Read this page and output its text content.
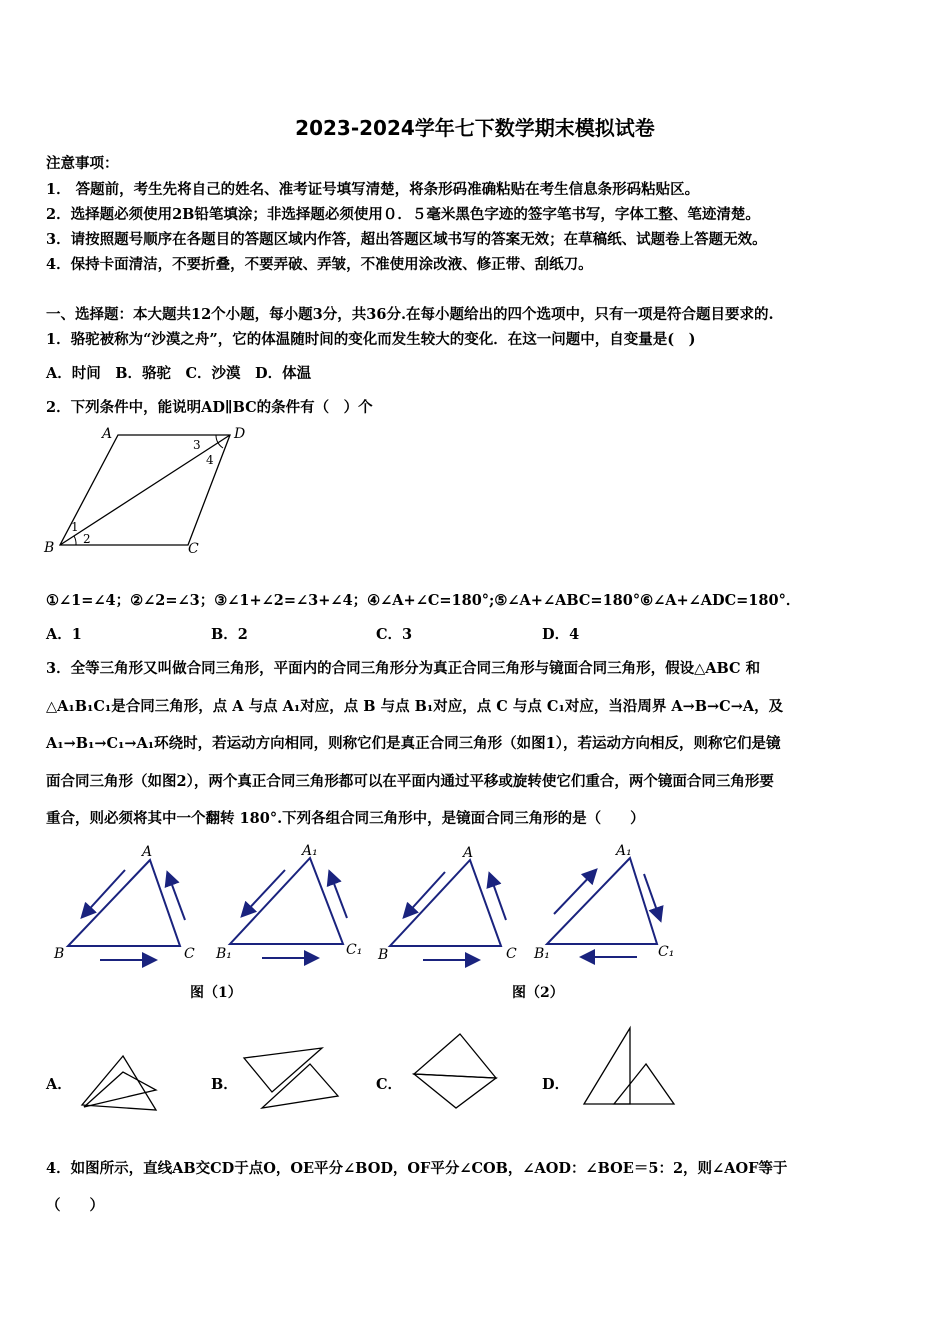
2023-2024学年七下数学期末模拟试卷
注意事项：
1． 答题前，考生先将自己的姓名、准考证号填写清楚，将条形码准确粘贴在考生信息条形码粘贴区。
2．选择题必须使用2B铅笔填涂；非选择题必须使用０．５毫米黑色字迹的签字笔书写，字体工整、笔迹清楚。
3．请按照题号顺序在各题目的答题区域内作答，超出答题区域书写的答案无效；在草稿纸、试题卷上答题无效。
4．保持卡面清洁，不要折叠，不要弄破、弄皱，不准使用涂改液、修正带、刮纸刀。
一、选择题：本大题共12个小题，每小题3分，共36分.在每小题给出的四个选项中，只有一项是符合题目要求的.
1．骆驼被称为“沙漠之舟”，它的体温随时间的变化而发生较大的变化．在这一问题中，自变量是(　)
A．时间　B．骆驼　C．沙漠　D．体温
2．下列条件中，能说明AD∥BC的条件有（　）个
A	D
B	C
1
2
3
4
①∠1=∠4；②∠2=∠3；③∠1+∠2=∠3+∠4；④∠A+∠C=180°;⑤∠A+∠ABC=180°⑥∠A+∠ADC=180°．
A．1	B．2	C．3	D．4
3．全等三角形又叫做合同三角形，平面内的合同三角形分为真正合同三角形与镜面合同三角形，假设△ABC 和
△A₁B₁C₁是合同三角形，点 A 与点 A₁对应，点 B 与点 B₁对应，点 C 与点 C₁对应，当沿周界 A→B→C→A，及
A₁→B₁→C₁→A₁环绕时，若运动方向相同，则称它们是真正合同三角形（如图1），若运动方向相反，则称它们是镜
面合同三角形（如图2），两个真正合同三角形都可以在平面内通过平移或旋转使它们重合，两个镜面合同三角形要
重合，则必须将其中一个翻转 180°.下列各组合同三角形中，是镜面合同三角形的是（　　）
A
B	C
A₁
B₁	C₁
A
B	C
A₁
B₁	C₁
图（1）	图（2）
A．	B．	C．	D．
4．如图所示，直线AB交CD于点O，OE平分∠BOD，OF平分∠COB，∠AOD：∠BOE＝5：2，则∠AOF等于
（　　）
